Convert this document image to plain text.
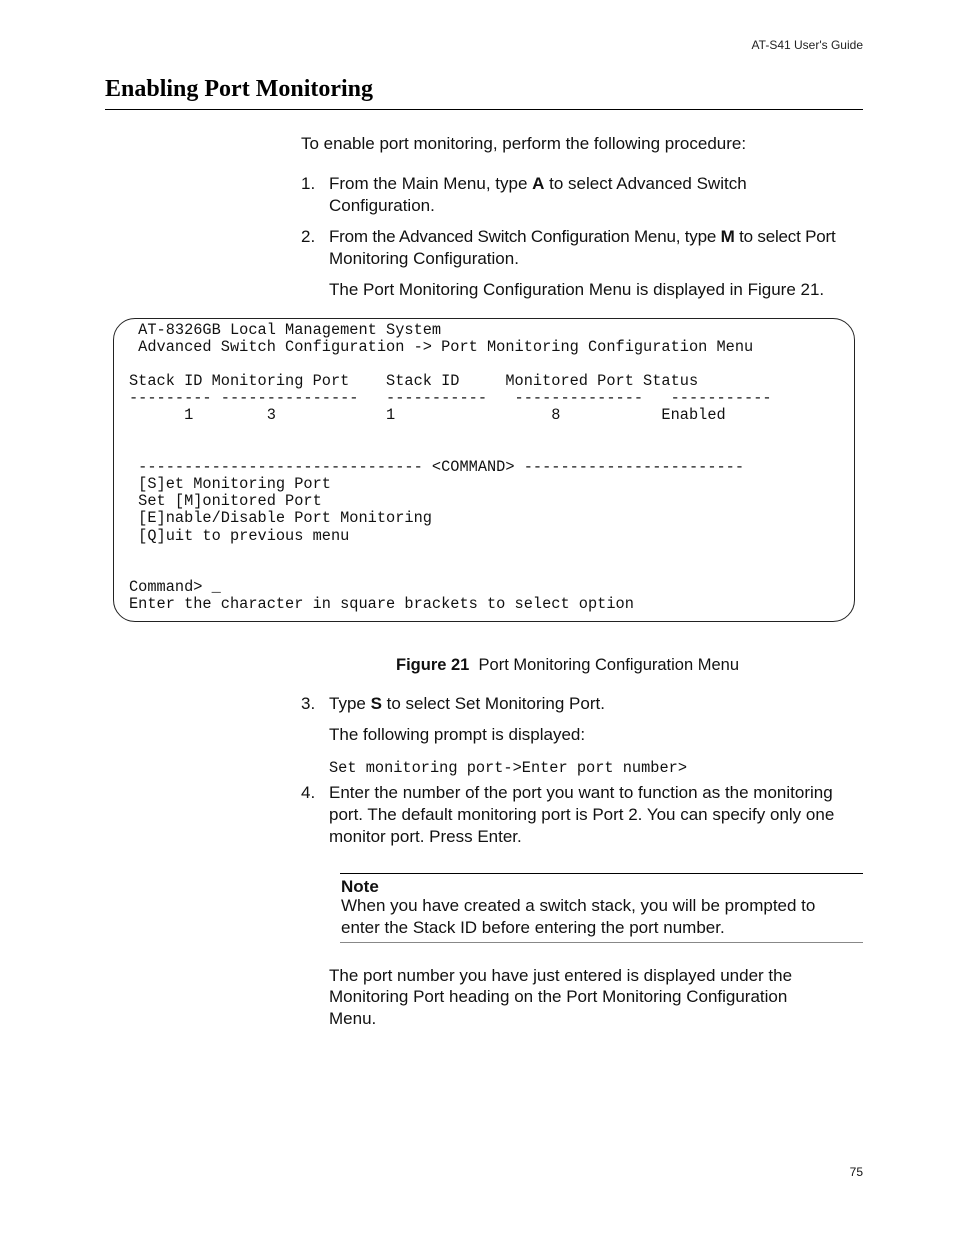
AT-S41 User's Guide
Enabling Port Monitoring
To enable port monitoring, perform the following procedure:
1. From the Main Menu, type A to select Advanced Switch
Configuration.
2. From the Advanced Switch Configuration Menu, type M to select Port
Monitoring Configuration.
The Port Monitoring Configuration Menu is displayed in Figure 21.
AT-8326GB Local Management System
Advanced Switch Configuration -> Port Monitoring Configuration Menu
Stack ID Monitoring Port    Stack ID     Monitored Port Status
--------- ---------------   -----------   --------------   -----------
1        3            1                 8           Enabled
------------------------------- <COMMAND> ------------------------
[S]et Monitoring Port
Set [M]onitored Port
[E]nable/Disable Port Monitoring
[Q]uit to previous menu
Command> _
Enter the character in square brackets to select option
Figure 21 Port Monitoring Configuration Menu
3. Type S to select Set Monitoring Port.
The following prompt is displayed:
Set monitoring port->Enter port number>
4. Enter the number of the port you want to function as the monitoring
port. The default monitoring port is Port 2. You can specify only one
monitor port. Press Enter.
Note
When you have created a switch stack, you will be prompted to
enter the Stack ID before entering the port number.
The port number you have just entered is displayed under the
Monitoring Port heading on the Port Monitoring Configuration
Menu.
75
